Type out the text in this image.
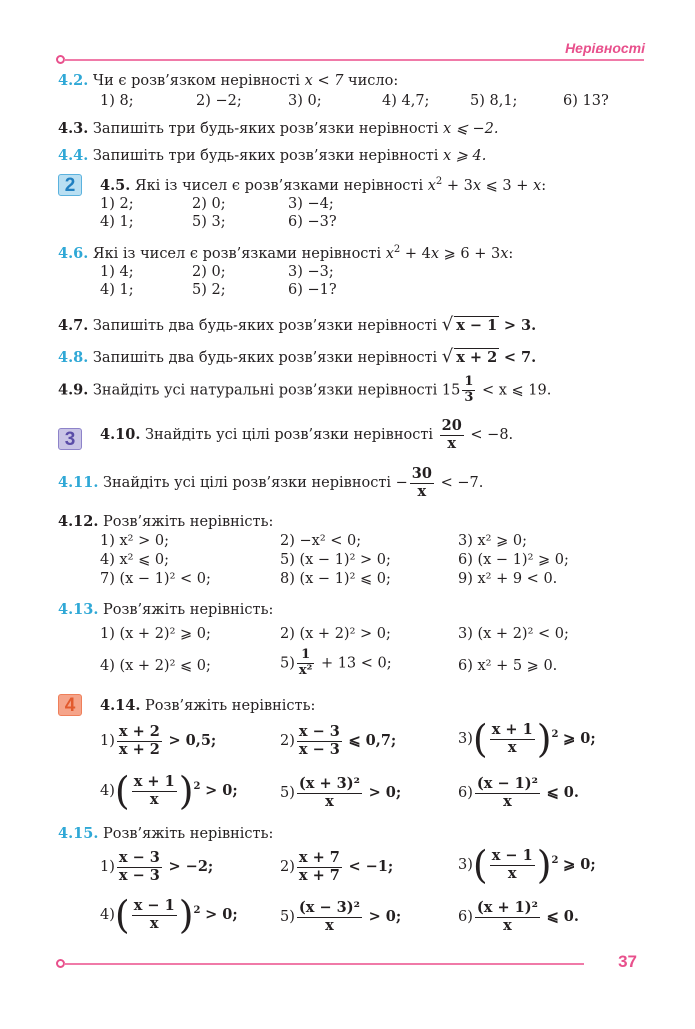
Нерівності
4.2. Чи є розв’язком нерівності x < 7 число:
1) 8;	2) −2;	3) 0;	4) 4,7;	5) 8,1;	6) 13?
4.3. Запишіть три будь-яких розв’язки нерівності x ⩽ −2.
4.4. Запишіть три будь-яких розв’язки нерівності x ⩾ 4.
2	4.5. Які із чисел є розв’язками нерівності $x^2 + 3x$ ⩽ 3 + x:
1) 2;	2) 0;	3) −4;
4) 1;	5) 3;	6) −3?
4.6. Які із чисел є розв’язками нерівності $x^2 + 4x$ ⩾ 6 + 3x:
1) 4;	2) 0;	3) −3;
4) 1;	5) 2;	6) −1?
4.7. Запишіть два будь-яких розв’язки нерівності √ x − 1 > 3.
4.8. Запишіть два будь-яких розв’язки нерівності √ x + 2 < 7.
4.9. Знайдіть усі натуральні розв’язки нерівності $15 \frac{1}{3} < x$ ⩽ 19.
3	4.10. Знайдіть усі цілі розв’язки нерівності $\frac{20}{x} < -8$.
4.11. Знайдіть усі цілі розв’язки нерівності − $\frac{30}{x} < -7$.
4.12. Розв’яжіть нерівність:
1) x² > 0;	2) −x² < 0;	3) x² ⩾ 0;
4) x² ⩽ 0;	5) (x − 1)² > 0;	6) (x − 1)² ⩾ 0;
7) (x − 1)² < 0;	8) (x − 1)² ⩽ 0;	9) x² + 9 < 0.
4.13. Розв’яжіть нерівність:
1) (x + 2)² ⩾ 0;	2) (x + 2)² > 0;	3) (x + 2)² < 0;
4) (x + 2)² ⩽ 0;	$5) \frac{1}{\text{x²}} + 13 < 0$;	6) x² + 5 ⩾ 0.
4	4.14. Розв’яжіть нерівність:
$1) \frac{x + 2}{x + 2} > 0,5$;	$2) \frac{x - 3}{x - 3}$ ⩽ 0,7;	$3)( \frac{x + 1}{x} )^2$ ⩾ 0;
$4)( \frac{x + 1}{x} )^2 > 0$;	$5) \frac{\text{(x + 3)²}}{x} > 0$;	$6) \frac{\text{(x − 1)²}}{x}$ ⩽ 0.
4.15. Розв’яжіть нерівність:
$1) \frac{x - 3}{x - 3} > -2$;	$2) \frac{x + 7}{x + 7} < -1$;	$3)( \frac{x - 1}{x} )^2$ ⩾ 0;
$4)( \frac{x - 1}{x} )^2 > 0$;	$5) \frac{\text{(x − 3)²}}{x} > 0$;	$6) \frac{\text{(x + 1)²}}{x}$ ⩽ 0.
37
